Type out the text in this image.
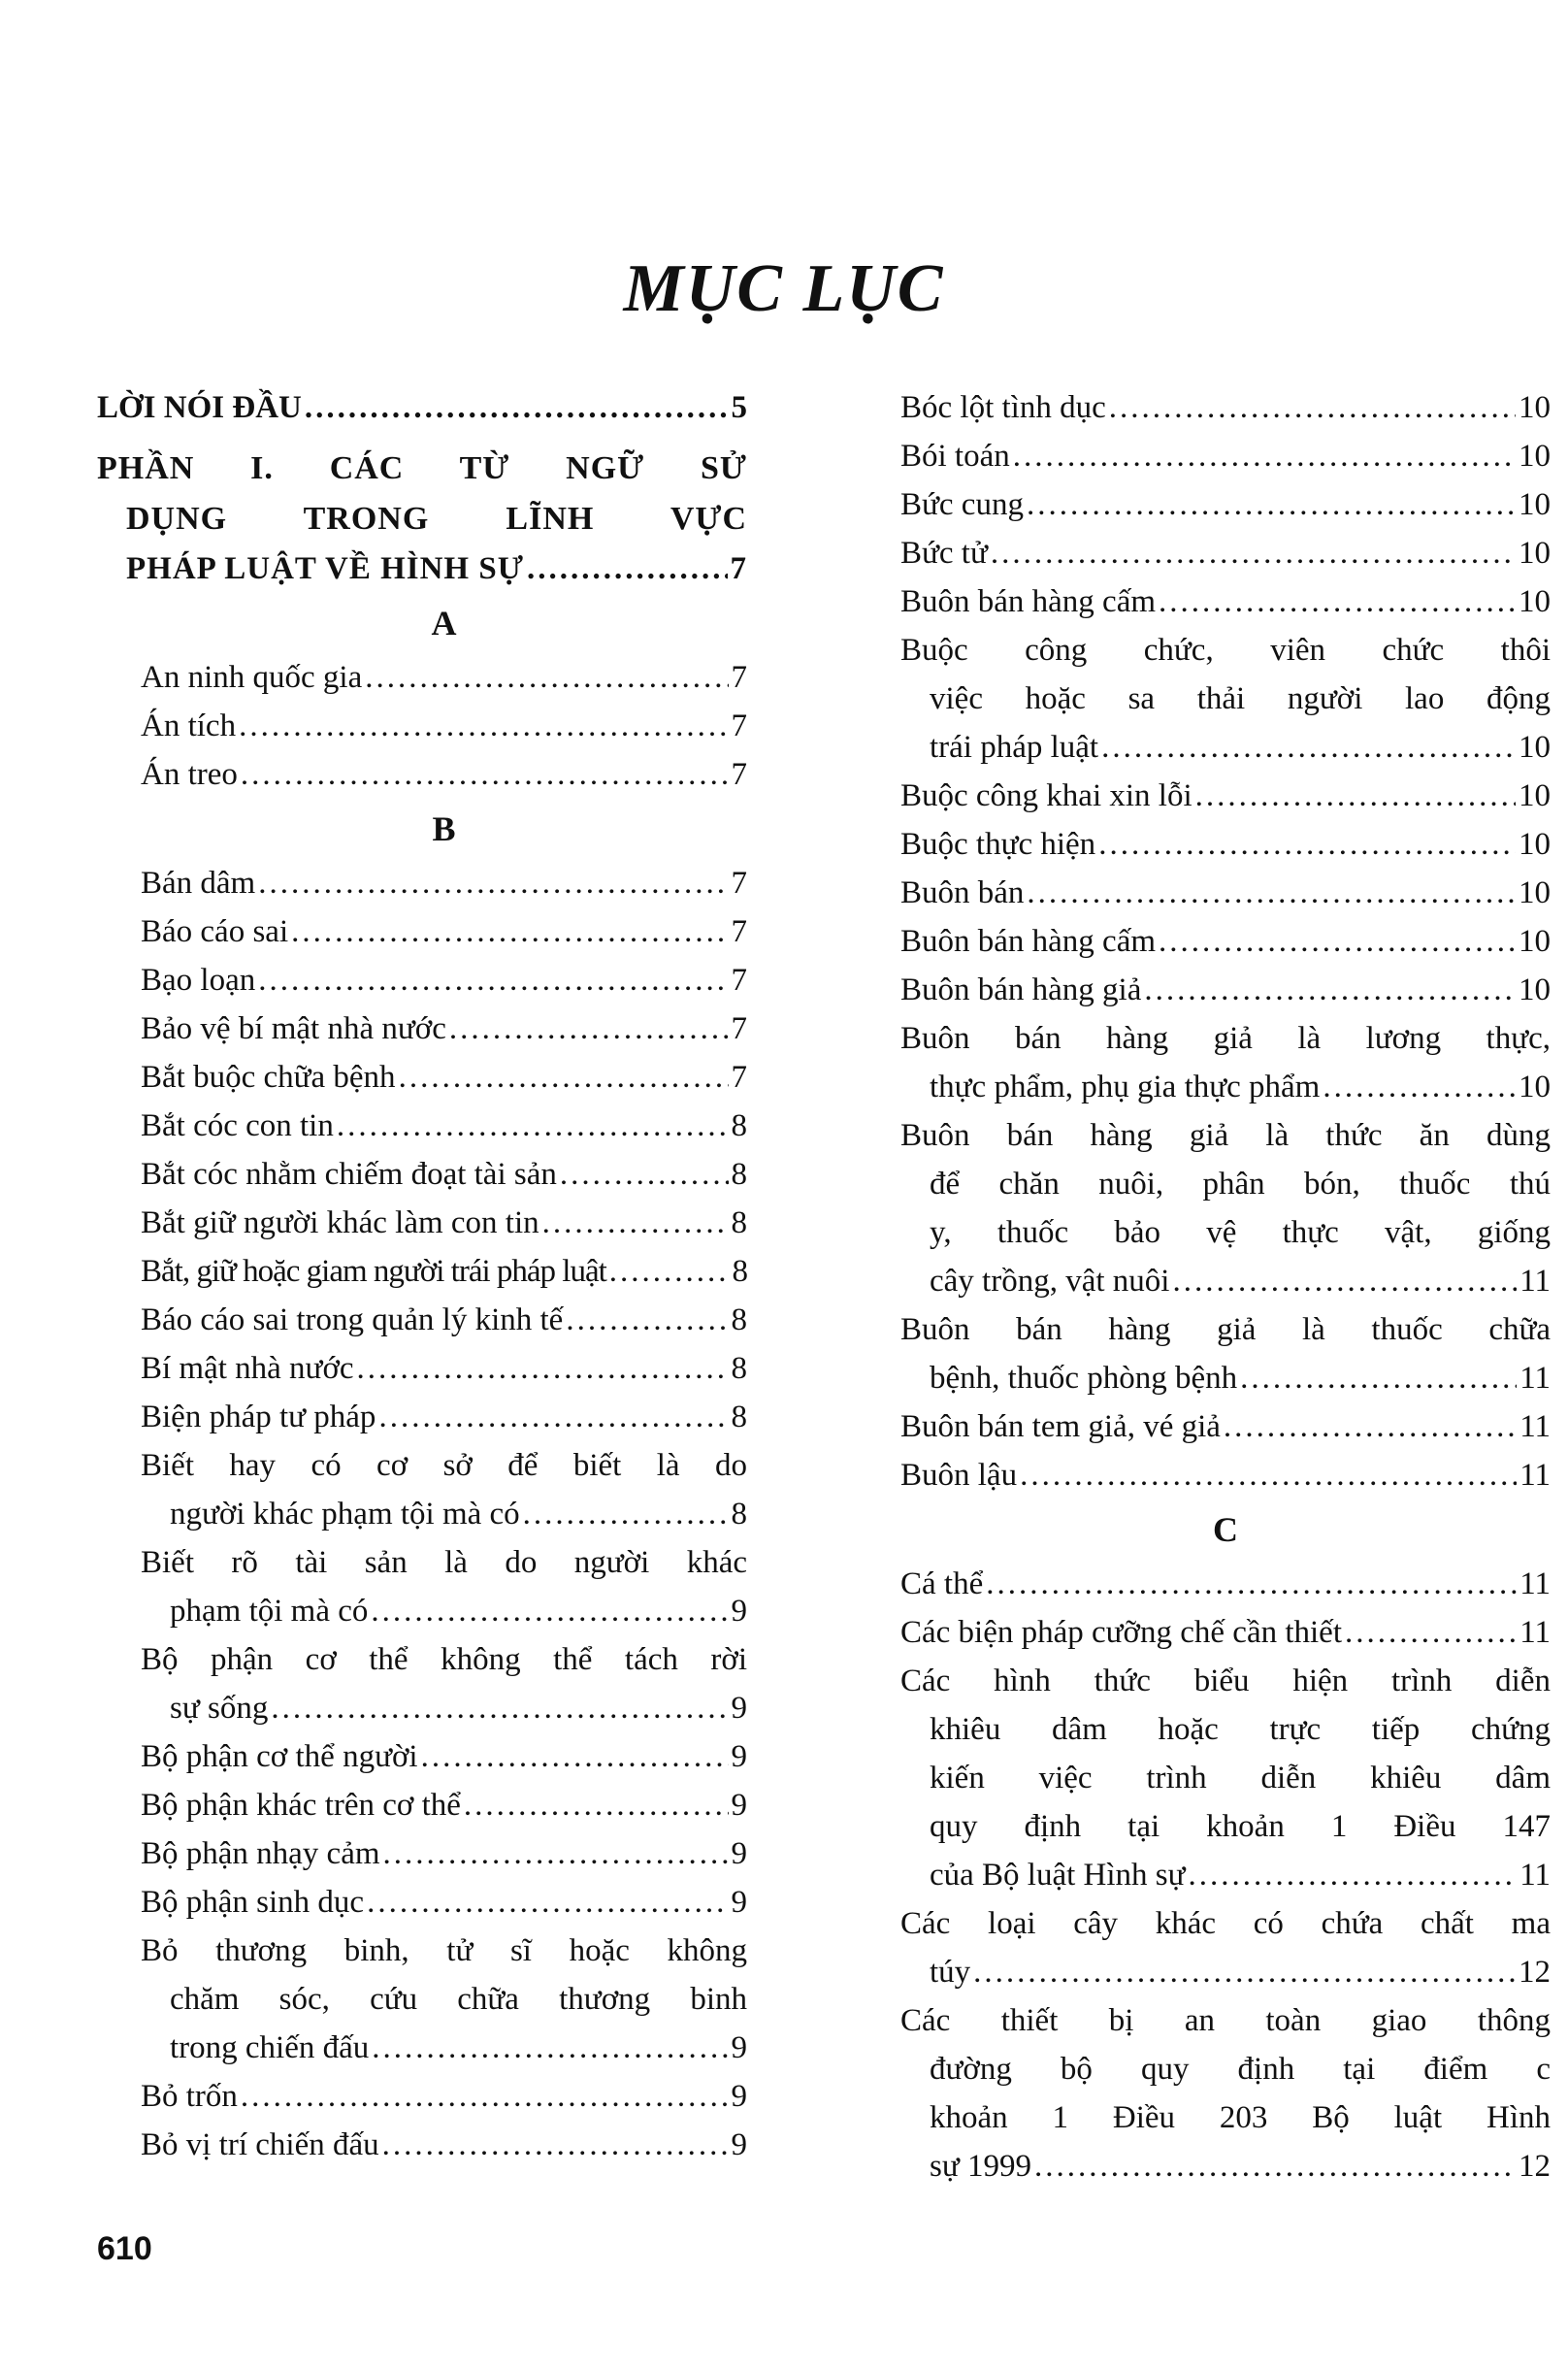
MỤC LỤC
LỜI NÓI ĐẦU .....	5
PHẦN I. CÁC TỪ NGỮ SỬ
DỤNG TRONG LĨNH VỰC
PHÁP LUẬT VỀ HÌNH SỰ .....	7
A
An ninh quốc gia .....	7
Án tích .....	7
Án treo .....	7
B
Bán dâm .....	7
Báo cáo sai .....	7
Bạo loạn .....	7
Bảo vệ bí mật nhà nước .....	7
Bắt buộc chữa bệnh .....	7
Bắt cóc con tin .....	8
Bắt cóc nhằm chiếm đoạt tài sản .....	8
Bắt giữ người khác làm con tin .....	8
Bắt, giữ hoặc giam người trái pháp luật .....	8
Báo cáo sai trong quản lý kinh tế .....	8
Bí mật nhà nước .....	8
Biện pháp tư pháp .....	8
Biết hay có cơ sở để biết là do
người khác phạm tội mà có .....	8
Biết rõ tài sản là do người khác
phạm tội mà có .....	9
Bộ phận cơ thể không thể tách rời
sự sống .....	9
Bộ phận cơ thể người .....	9
Bộ phận khác trên cơ thể .....	9
Bộ phận nhạy cảm .....	9
Bộ phận sinh dục .....	9
Bỏ thương binh, tử sĩ hoặc không
chăm sóc, cứu chữa thương binh
trong chiến đấu .....	9
Bỏ trốn .....	9
Bỏ vị trí chiến đấu .....	9
Bóc lột tình dục .....	10
Bói toán .....	10
Bức cung .....	10
Bức tử .....	10
Buôn bán hàng cấm .....	10
Buộc công chức, viên chức thôi
việc hoặc sa thải người lao động
trái pháp luật .....	10
Buộc công khai xin lỗi .....	10
Buộc thực hiện .....	10
Buôn bán .....	10
Buôn bán hàng cấm .....	10
Buôn bán hàng giả .....	10
Buôn bán hàng giả là lương thực,
thực phẩm, phụ gia thực phẩm .....	10
Buôn bán hàng giả là thức ăn dùng
để chăn nuôi, phân bón, thuốc thú
y, thuốc bảo vệ thực vật, giống
cây trồng, vật nuôi .....	11
Buôn bán hàng giả là thuốc chữa
bệnh, thuốc phòng bệnh .....	11
Buôn bán tem giả, vé giả .....	11
Buôn lậu .....	11
C
Cá thể .....	11
Các biện pháp cưỡng chế cần thiết .....	11
Các hình thức biểu hiện trình diễn
khiêu dâm hoặc trực tiếp chứng
kiến việc trình diễn khiêu dâm
quy định tại khoản 1 Điều 147
của Bộ luật Hình sự .....	11
Các loại cây khác có chứa chất ma
túy .....	12
Các thiết bị an toàn giao thông
đường bộ quy định tại điểm c
khoản 1 Điều 203 Bộ luật Hình
sự 1999 .....	12
610
